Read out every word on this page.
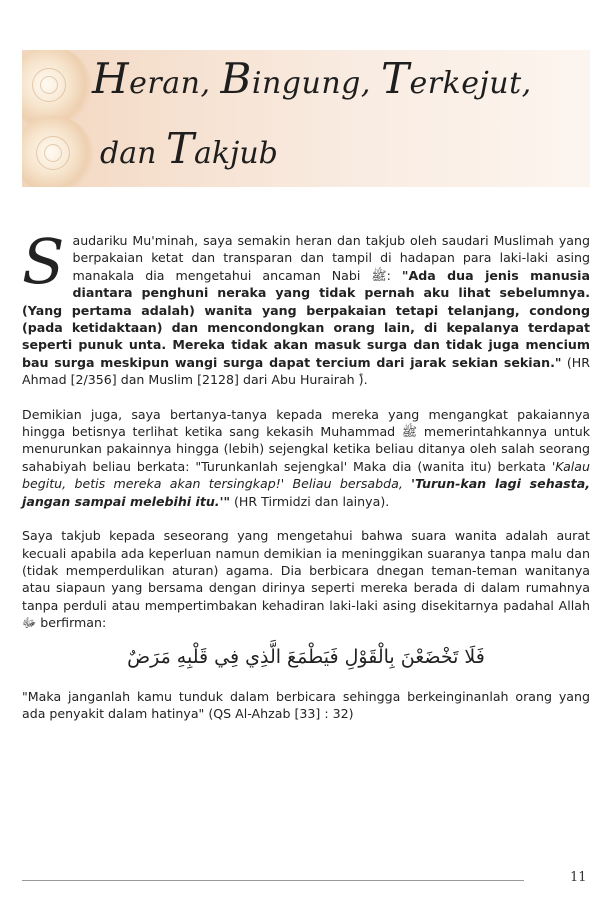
Heran, Bingung, Terkejut,
dan Takjub

Saudariku Mu'minah, saya semakin heran dan takjub oleh saudari Muslimah yang berpakaian ketat dan transparan dan tampil di hadapan para laki-laki asing manakala dia mengetahui ancaman Nabi ﷺ: "Ada dua jenis manusia diantara penghuni neraka yang tidak pernah aku lihat sebelumnya. (Yang pertama adalah) wanita yang berpakaian tetapi telanjang, condong (pada ketidaktaan) dan mencondongkan orang lain, di kepalanya terdapat seperti punuk unta. Mereka tidak akan masuk surga dan tidak juga mencium bau surga meskipun wangi surga dapat tercium dari jarak sekian sekian." (HR Ahmad [2/356] dan Muslim [2128] dari Abu Hurairah ؓ).

Demikian juga, saya bertanya-tanya kepada mereka yang mengangkat pakaiannya hingga betisnya terlihat ketika sang kekasih Muhammad ﷺ memerintahkannya untuk menurunkan pakainnya hingga (lebih) sejengkal ketika beliau ditanya oleh salah seorang sahabiyah beliau berkata: "Turunkanlah sejengkal' Maka dia (wanita itu) berkata 'Kalau begitu, betis mereka akan tersingkap!' Beliau bersabda, 'Turun-kan lagi sehasta, jangan sampai melebihi itu.'" (HR Tirmidzi dan lainya).

Saya takjub kepada seseorang yang mengetahui bahwa suara wanita adalah aurat kecuali apabila ada keperluan namun demikian ia meninggikan suaranya tanpa malu dan (tidak memperdulikan aturan) agama. Dia berbicara dnegan teman-teman wanitanya atau siapaun yang bersama dengan dirinya seperti mereka berada di dalam rumahnya tanpa perduli atau mempertimbakan kehadiran laki-laki asing disekitarnya padahal Allah ﷻ berfirman:

فَلَا تَخْضَعْنَ بِالْقَوْلِ فَيَطْمَعَ الَّذِي فِي قَلْبِهِ مَرَضٌ

"Maka janganlah kamu tunduk dalam berbicara sehingga berkeinginanlah orang yang ada penyakit dalam hatinya" (QS Al-Ahzab [33] : 32)

11
